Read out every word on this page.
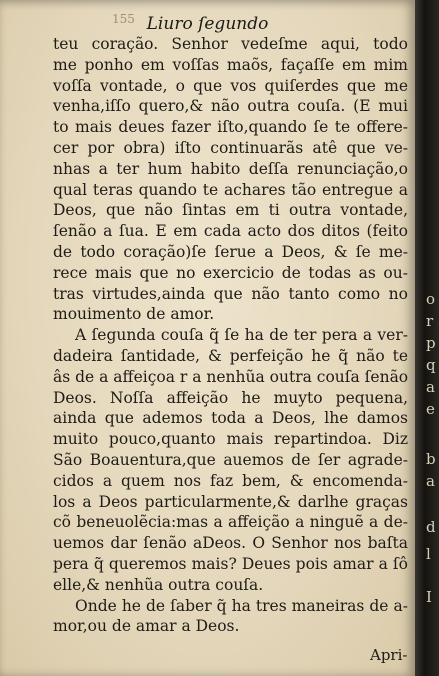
155 Liuro ſegundo
teu coração. Senhor vedeſme aqui, todo
me ponho em voſſas maõs, façaſſe em mim
voſſa vontade, o que vos quiſerdes que me
venha,iſſo quero,& não outra couſa. (E mui
to mais deues fazer iſto,quando ſe te offere-
cer por obra) iſto continuarãs atê que ve-
nhas a ter hum habito deſſa renunciação,o
qual teras quando te achares tão entregue a
Deos, que não ſintas em ti outra vontade,
ſenão a ſua. E em cada acto dos ditos (feito
de todo coração)ſe ſerue a Deos, & ſe me-
rece mais que no exercicio de todas as ou-
tras virtudes,ainda que não tanto como no
mouimento de amor.
A ſegunda couſa q̃ ſe ha de ter pera a ver-
dadeira ſantidade, & perfeição he q̃ não te
âs de a affeiçoa r a nenhũa outra couſa ſenão
Deos. Noſſa affeição he muyto pequena,
ainda que ademos toda a Deos, lhe damos
muito pouco,quanto mais repartindoa. Diz
São Boauentura,que auemos de ſer agrade-
cidos a quem nos faz bem, & encomenda-
los a Deos particularmente,& darlhe graças
cõ beneuolẽcia:mas a affeição a ninguẽ a de-
uemos dar ſenão aDeos. O Senhor nos baſta
pera q̃ queremos mais? Deues pois amar a ſô
elle,& nenhũa outra couſa.
Onde he de ſaber q̃ ha tres maneiras de a-
mor,ou de amar a Deos.
Apri-
o
r
p
q
a
e
b
a
d
l
I
